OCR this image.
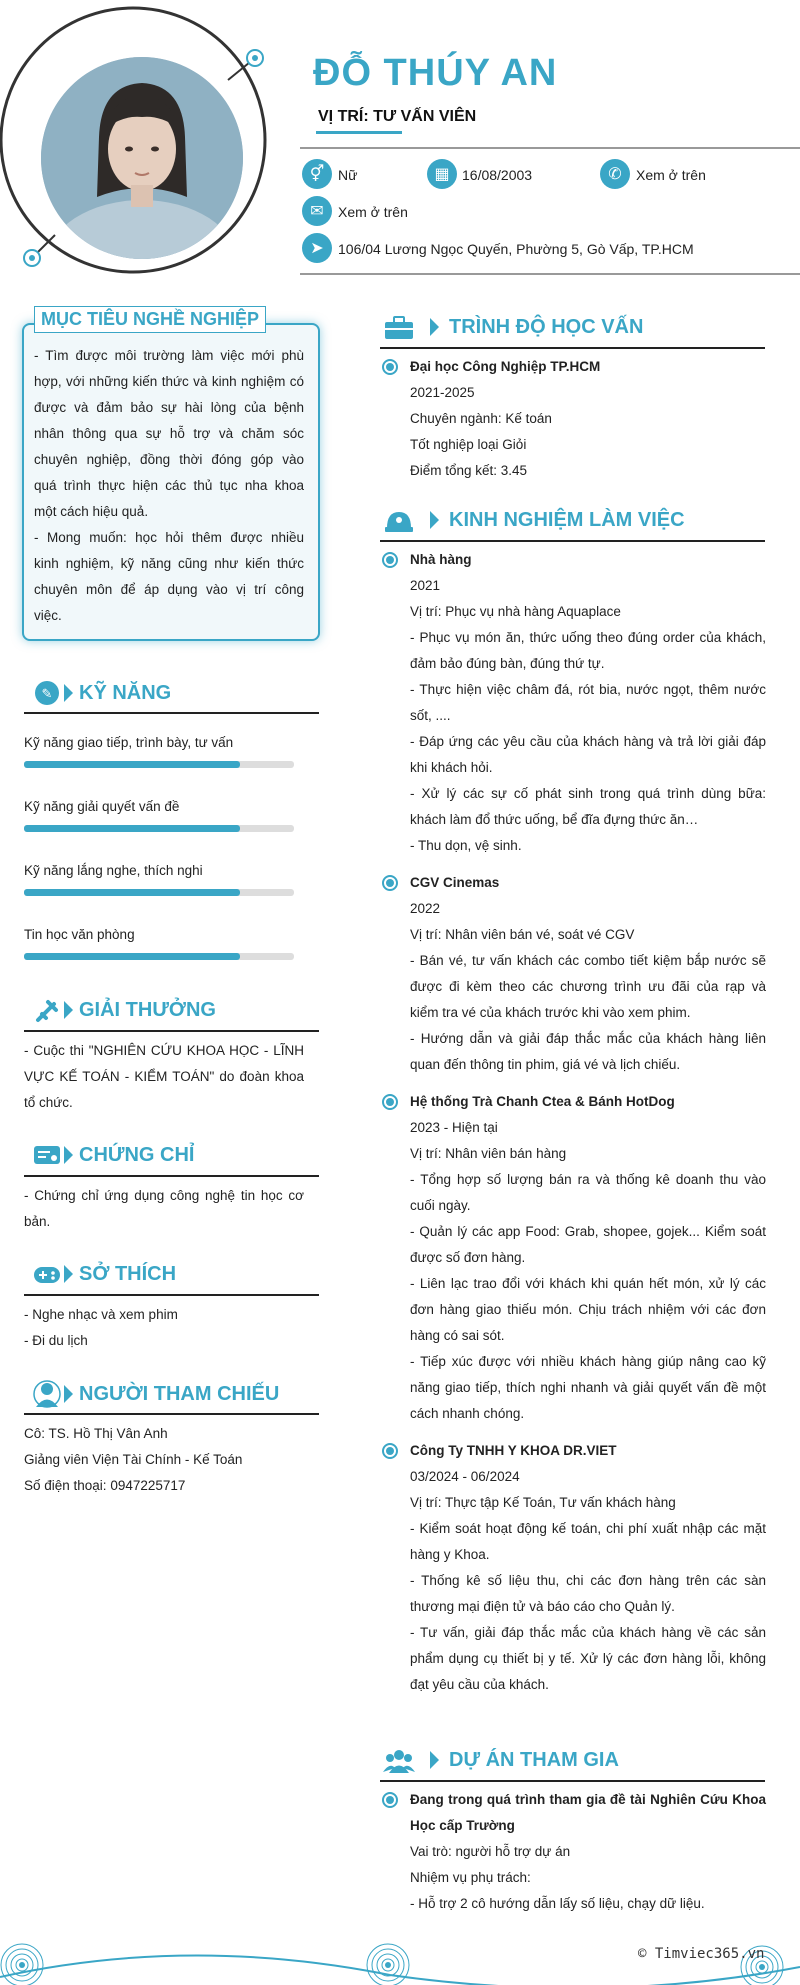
ĐỖ THÚY AN
VỊ TRÍ: TƯ VẤN VIÊN
⚥ Nữ	▦ 16/08/2003	✆	Xem ở trên
✉	Xem ở trên
➤	106/04 Lương Ngọc Quyến, Phường 5, Gò Vấp, TP.HCM
MỤC TIÊU NGHỀ NGHIỆP
- Tìm được môi trường làm việc mới phù
hợp, với những kiến thức và kinh nghiệm có
được và đảm bảo sự hài lòng của bệnh
nhân thông qua sự hỗ trợ và chăm sóc
chuyên nghiệp, đồng thời đóng góp vào
quá trình thực hiện các thủ tục nha khoa
một cách hiệu quả.
- Mong muốn: học hỏi thêm được nhiều
kinh nghiệm, kỹ năng cũng như kiến thức
chuyên môn để áp dụng vào vị trí công
việc.
✎ KỸ NĂNG
Kỹ năng giao tiếp, trình bày, tư vấn
Kỹ năng giải quyết vấn đề
Kỹ năng lắng nghe, thích nghi
Tin học văn phòng
GIẢI THƯỞNG
- Cuộc thi "NGHIÊN CỨU KHOA HỌC - LĨNH
VỰC KẾ TOÁN - KIỂM TOÁN" do đoàn khoa
tổ chức.
CHỨNG CHỈ
- Chứng chỉ ứng dụng công nghệ tin học cơ
bản.
SỞ THÍCH
- Nghe nhạc và xem phim
- Đi du lịch
NGƯỜI THAM CHIẾU
Cô: TS. Hồ Thị Vân Anh
Giảng viên Viện Tài Chính - Kế Toán
Số điện thoại: 0947225717
TRÌNH ĐỘ HỌC VẤN
Đại học Công Nghiệp TP.HCM
2021-2025
Chuyên ngành: Kế toán
Tốt nghiệp loại Giỏi
Điểm tổng kết: 3.45
KINH NGHIỆM LÀM VIỆC
Nhà hàng
2021
Vị trí: Phục vụ nhà hàng Aquaplace
- Phục vụ món ăn, thức uống theo đúng order của khách,
đảm bảo đúng bàn, đúng thứ tự.
- Thực hiện việc châm đá, rót bia, nước ngọt, thêm nước
sốt, ....
- Đáp ứng các yêu cầu của khách hàng và trả lời giải đáp
khi khách hỏi.
- Xử lý các sự cố phát sinh trong quá trình dùng bữa:
khách làm đổ thức uống, bể đĩa đựng thức ăn…
- Thu dọn, vệ sinh.
CGV Cinemas
2022
Vị trí: Nhân viên bán vé, soát vé CGV
- Bán vé, tư vấn khách các combo tiết kiệm bắp nước sẽ
được đi kèm theo các chương trình ưu đãi của rạp và
kiểm tra vé của khách trước khi vào xem phim.
- Hướng dẫn và giải đáp thắc mắc của khách hàng liên
quan đến thông tin phim, giá vé và lịch chiếu.
Hệ thống Trà Chanh Ctea & Bánh HotDog
2023 - Hiện tại
Vị trí: Nhân viên bán hàng
- Tổng hợp số lượng bán ra và thống kê doanh thu vào
cuối ngày.
- Quản lý các app Food: Grab, shopee, gojek... Kiểm soát
được số đơn hàng.
- Liên lạc trao đổi với khách khi quán hết món, xử lý các
đơn hàng giao thiếu món. Chịu trách nhiệm với các đơn
hàng có sai sót.
- Tiếp xúc được với nhiều khách hàng giúp nâng cao kỹ
năng giao tiếp, thích nghi nhanh và giải quyết vấn đề một
cách nhanh chóng.
Công Ty TNHH Y KHOA DR.VIET
03/2024 - 06/2024
Vị trí: Thực tập Kế Toán, Tư vấn khách hàng
- Kiểm soát hoạt động kế toán, chi phí xuất nhập các mặt
hàng y Khoa.
- Thống kê số liệu thu, chi các đơn hàng trên các sàn
thương mại điện tử và báo cáo cho Quản lý.
- Tư vấn, giải đáp thắc mắc của khách hàng về các sản
phẩm dụng cụ thiết bị y tế. Xử lý các đơn hàng lỗi, không
đạt yêu cầu của khách.
DỰ ÁN THAM GIA
Đang trong quá trình tham gia đề tài Nghiên Cứu Khoa
Học cấp Trường
Vai trò: người hỗ trợ dự án
Nhiệm vụ phụ trách:
- Hỗ trợ 2 cô hướng dẫn lấy số liệu, chạy dữ liệu.
© Timviec365.vn
